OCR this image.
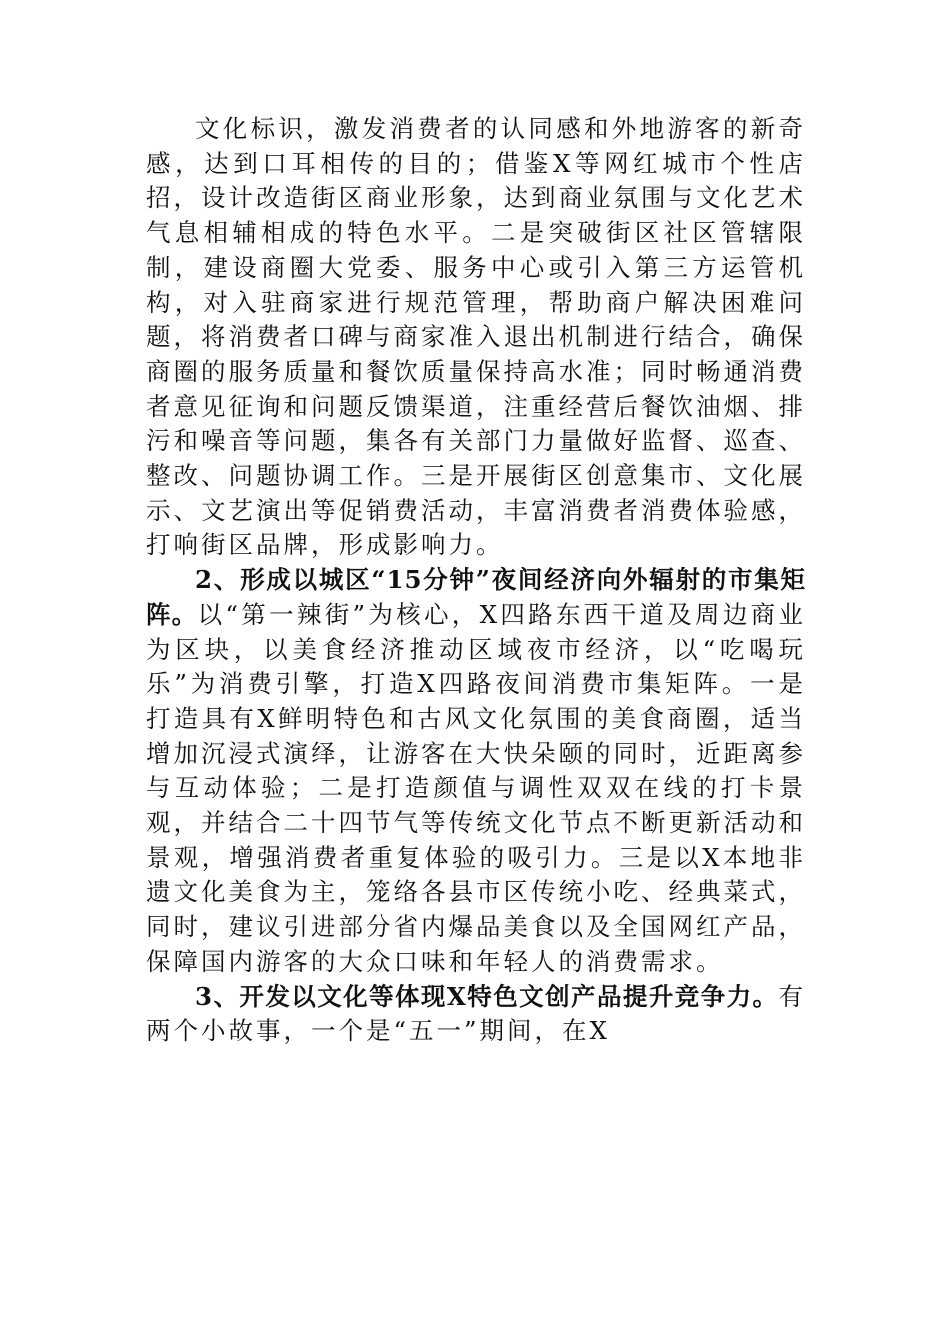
文化标识，激发消费者的认同感和外地游客的新奇感，达到口耳相传的目的；借鉴X等网红城市个性店招，设计改造街区商业形象，达到商业氛围与文化艺术气息相辅相成的特色水平。二是突破街区社区管辖限制，建设商圈大党委、服务中心或引入第三方运管机构，对入驻商家进行规范管理，帮助商户解决困难问题，将消费者口碑与商家准入退出机制进行结合，确保商圈的服务质量和餐饮质量保持高水准；同时畅通消费者意见征询和问题反馈渠道，注重经营后餐饮油烟、排污和噪音等问题，集各有关部门力量做好监督、巡查、整改、问题协调工作。三是开展街区创意集市、文化展示、文艺演出等促销费活动，丰富消费者消费体验感，打响街区品牌，形成影响力。

2、形成以城区“15分钟”夜间经济向外辐射的市集矩阵。以“第一辣街”为核心，X四路东西干道及周边商业为区块，以美食经济推动区域夜市经济，以“吃喝玩乐”为消费引擎，打造X四路夜间消费市集矩阵。一是打造具有X鲜明特色和古风文化氛围的美食商圈，适当增加沉浸式演绎，让游客在大快朵颐的同时，近距离参与互动体验；二是打造颜值与调性双双在线的打卡景观，并结合二十四节气等传统文化节点不断更新活动和景观，增强消费者重复体验的吸引力。三是以X本地非遗文化美食为主，笼络各县市区传统小吃、经典菜式，同时，建议引进部分省内爆品美食以及全国网红产品，保障国内游客的大众口味和年轻人的消费需求。

3、开发以文化等体现X特色文创产品提升竞争力。有两个小故事，一个是“五一”期间，在X
